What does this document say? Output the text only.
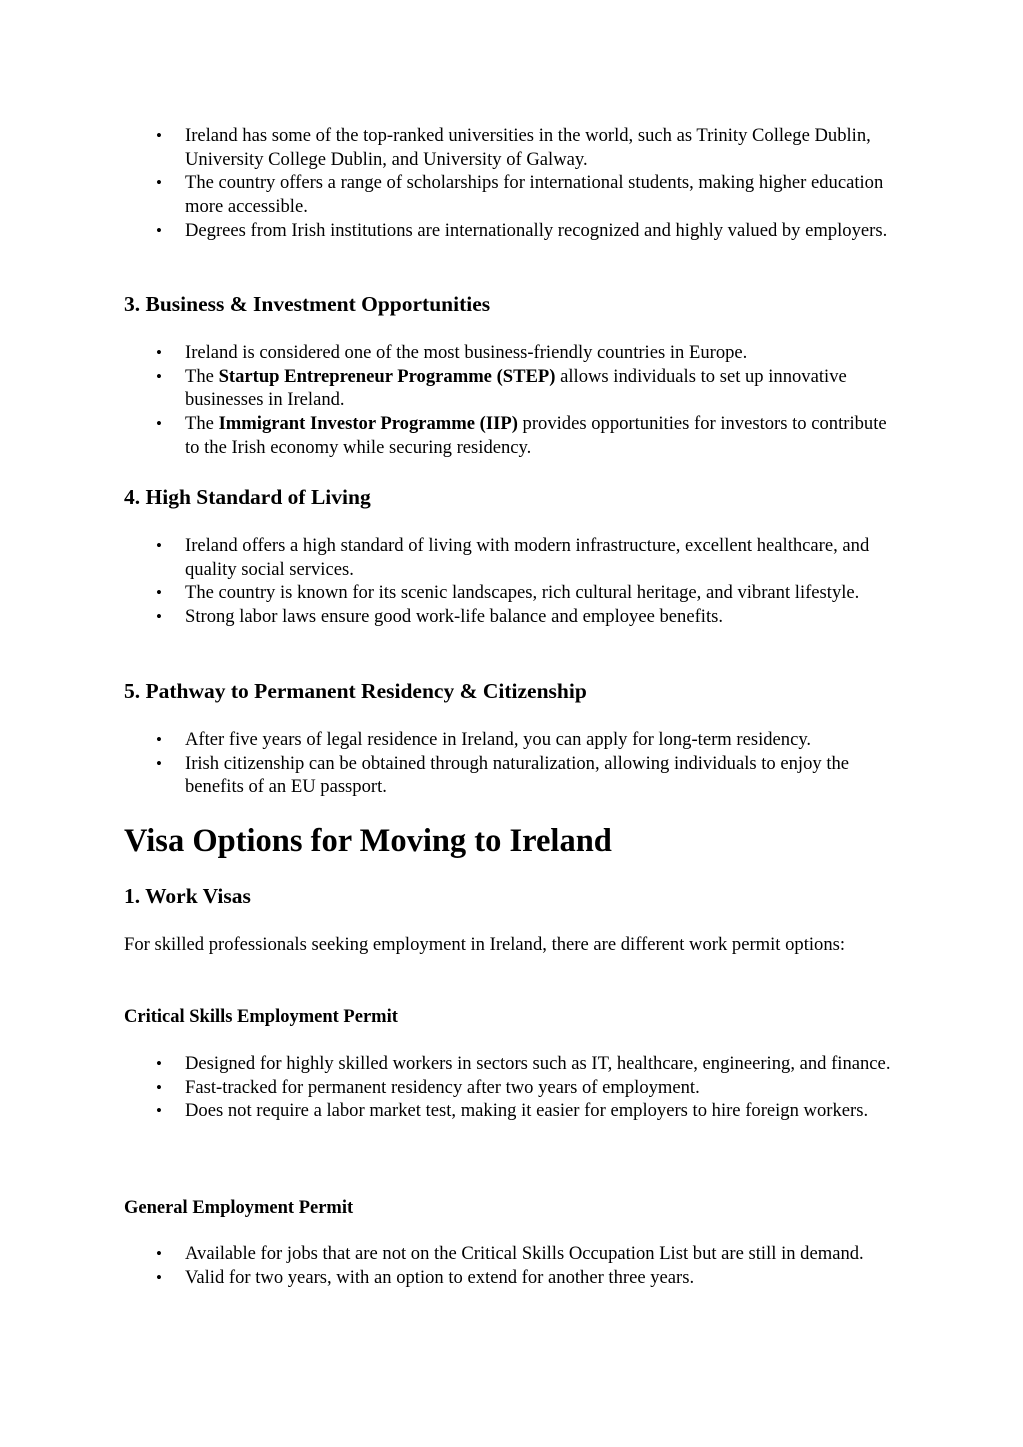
• Ireland has some of the top-ranked universities in the world, such as Trinity College Dublin, University College Dublin, and University of Galway.
• The country offers a range of scholarships for international students, making higher education more accessible.
• Degrees from Irish institutions are internationally recognized and highly valued by employers.
3. Business & Investment Opportunities
• Ireland is considered one of the most business-friendly countries in Europe.
• The Startup Entrepreneur Programme (STEP) allows individuals to set up innovative businesses in Ireland.
• The Immigrant Investor Programme (IIP) provides opportunities for investors to contribute to the Irish economy while securing residency.
4. High Standard of Living
• Ireland offers a high standard of living with modern infrastructure, excellent healthcare, and quality social services.
• The country is known for its scenic landscapes, rich cultural heritage, and vibrant lifestyle.
• Strong labor laws ensure good work-life balance and employee benefits.
5. Pathway to Permanent Residency & Citizenship
• After five years of legal residence in Ireland, you can apply for long-term residency.
• Irish citizenship can be obtained through naturalization, allowing individuals to enjoy the benefits of an EU passport.
Visa Options for Moving to Ireland
1. Work Visas

For skilled professionals seeking employment in Ireland, there are different work permit options:

Critical Skills Employment Permit
• Designed for highly skilled workers in sectors such as IT, healthcare, engineering, and finance.
• Fast-tracked for permanent residency after two years of employment.
• Does not require a labor market test, making it easier for employers to hire foreign workers.
General Employment Permit
• Available for jobs that are not on the Critical Skills Occupation List but are still in demand.
• Valid for two years, with an option to extend for another three years.
